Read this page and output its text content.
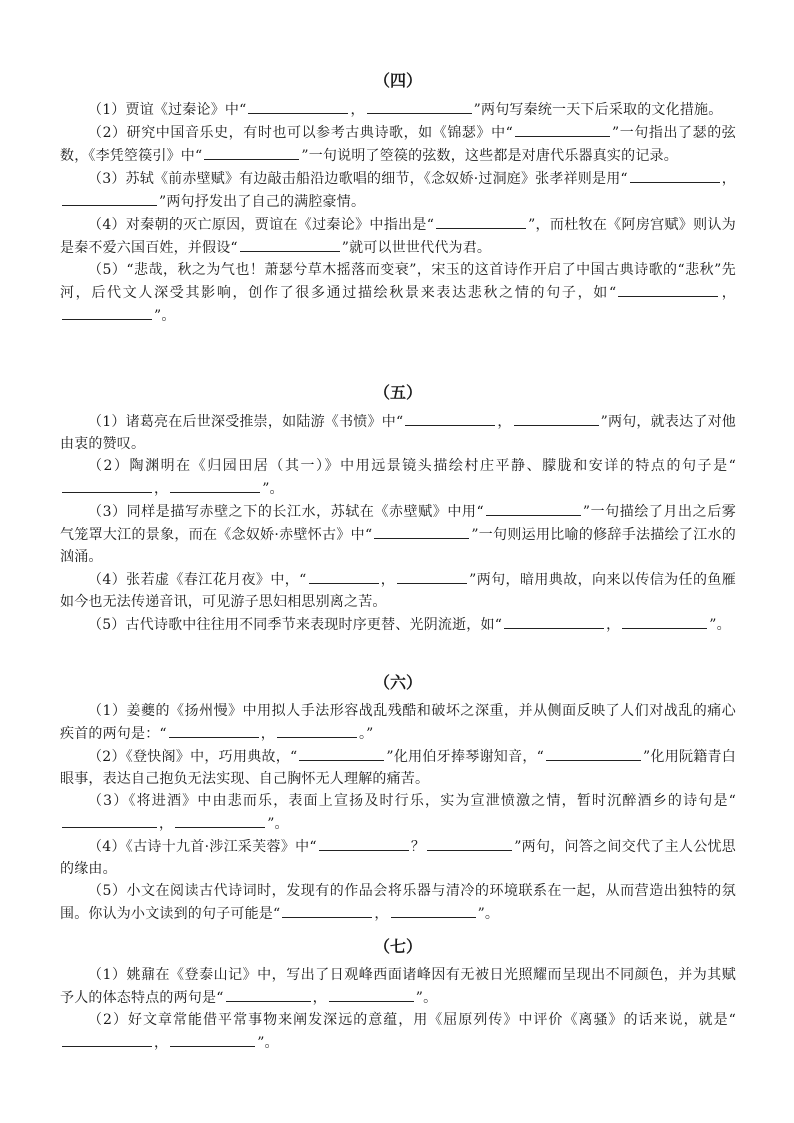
（四）
（1）贾谊《过秦论》中“	，	”两句写秦统一天下后采取的文化措施。
（2）研究中国音乐史，有时也可以参考古典诗歌，如《锦瑟》中“	”一句指出了瑟的弦数，《李凭箜篌引》中“	”一句说明了箜篌的弦数，这些都是对唐代乐器真实的记录。
（3）苏轼《前赤壁赋》有边敲击船沿边歌唱的细节，《念奴娇·过洞庭》张孝祥则是用“	，”两句抒发出了自己的满腔豪情。
（4）对秦朝的灭亡原因，贾谊在《过秦论》中指出是“	”，而杜牧在《阿房宫赋》则认为是秦不爱六国百姓，并假设“	”就可以世世代代为君。
（5）“悲哉，秋之为气也！萧瑟兮草木摇落而变衰”，宋玉的这首诗作开启了中国古典诗歌的“悲秋”先河，后代文人深受其影响，创作了很多通过描绘秋景来表达悲秋之情的句子，如“	，”。
（五）
（1）诸葛亮在后世深受推崇，如陆游《书愤》中“	，	”两句，就表达了对他由衷的赞叹。
（2）陶渊明在《归园田居（其一）》中用远景镜头描绘村庄平静、朦胧和安详的特点的句子是“，	”。
（3）同样是描写赤壁之下的长江水，苏轼在《赤壁赋》中用“	”一句描绘了月出之后雾气笼罩大江的景象，而在《念奴娇·赤壁怀古》中“	”一句则运用比喻的修辞手法描绘了江水的汹涌。
（4）张若虚《春江花月夜》中，“	，	”两句，暗用典故，向来以传信为任的鱼雁如今也无法传递音讯，可见游子思妇相思别离之苦。
（5）古代诗歌中往往用不同季节来表现时序更替、光阴流逝，如“	，	”。
（六）
（1）姜夔的《扬州慢》中用拟人手法形容战乱残酷和破坏之深重，并从侧面反映了人们对战乱的痛心疾首的两句是：“	，	。”
（2）《登快阁》中，巧用典故，“	”化用伯牙捧琴谢知音，“	”化用阮籍青白眼事，表达自己抱负无法实现、自己胸怀无人理解的痛苦。
（3）《将进酒》中由悲而乐，表面上宣扬及时行乐，实为宣泄愤激之情，暂时沉醉酒乡的诗句是“，	”。
（4）《古诗十九首·涉江采芙蓉》中“	？	”两句，问答之间交代了主人公忧思的缘由。
（5）小文在阅读古代诗词时，发现有的作品会将乐器与清冷的环境联系在一起，从而营造出独特的氛围。你认为小文读到的句子可能是“	，	”。
（七）
（1）姚鼐在《登泰山记》中，写出了日观峰西面诸峰因有无被日光照耀而呈现出不同颜色，并为其赋予人的体态特点的两句是“	，	”。
（2）好文章常能借平常事物来阐发深远的意蕴，用《屈原列传》中评价《离骚》的话来说，就是“，	”。
